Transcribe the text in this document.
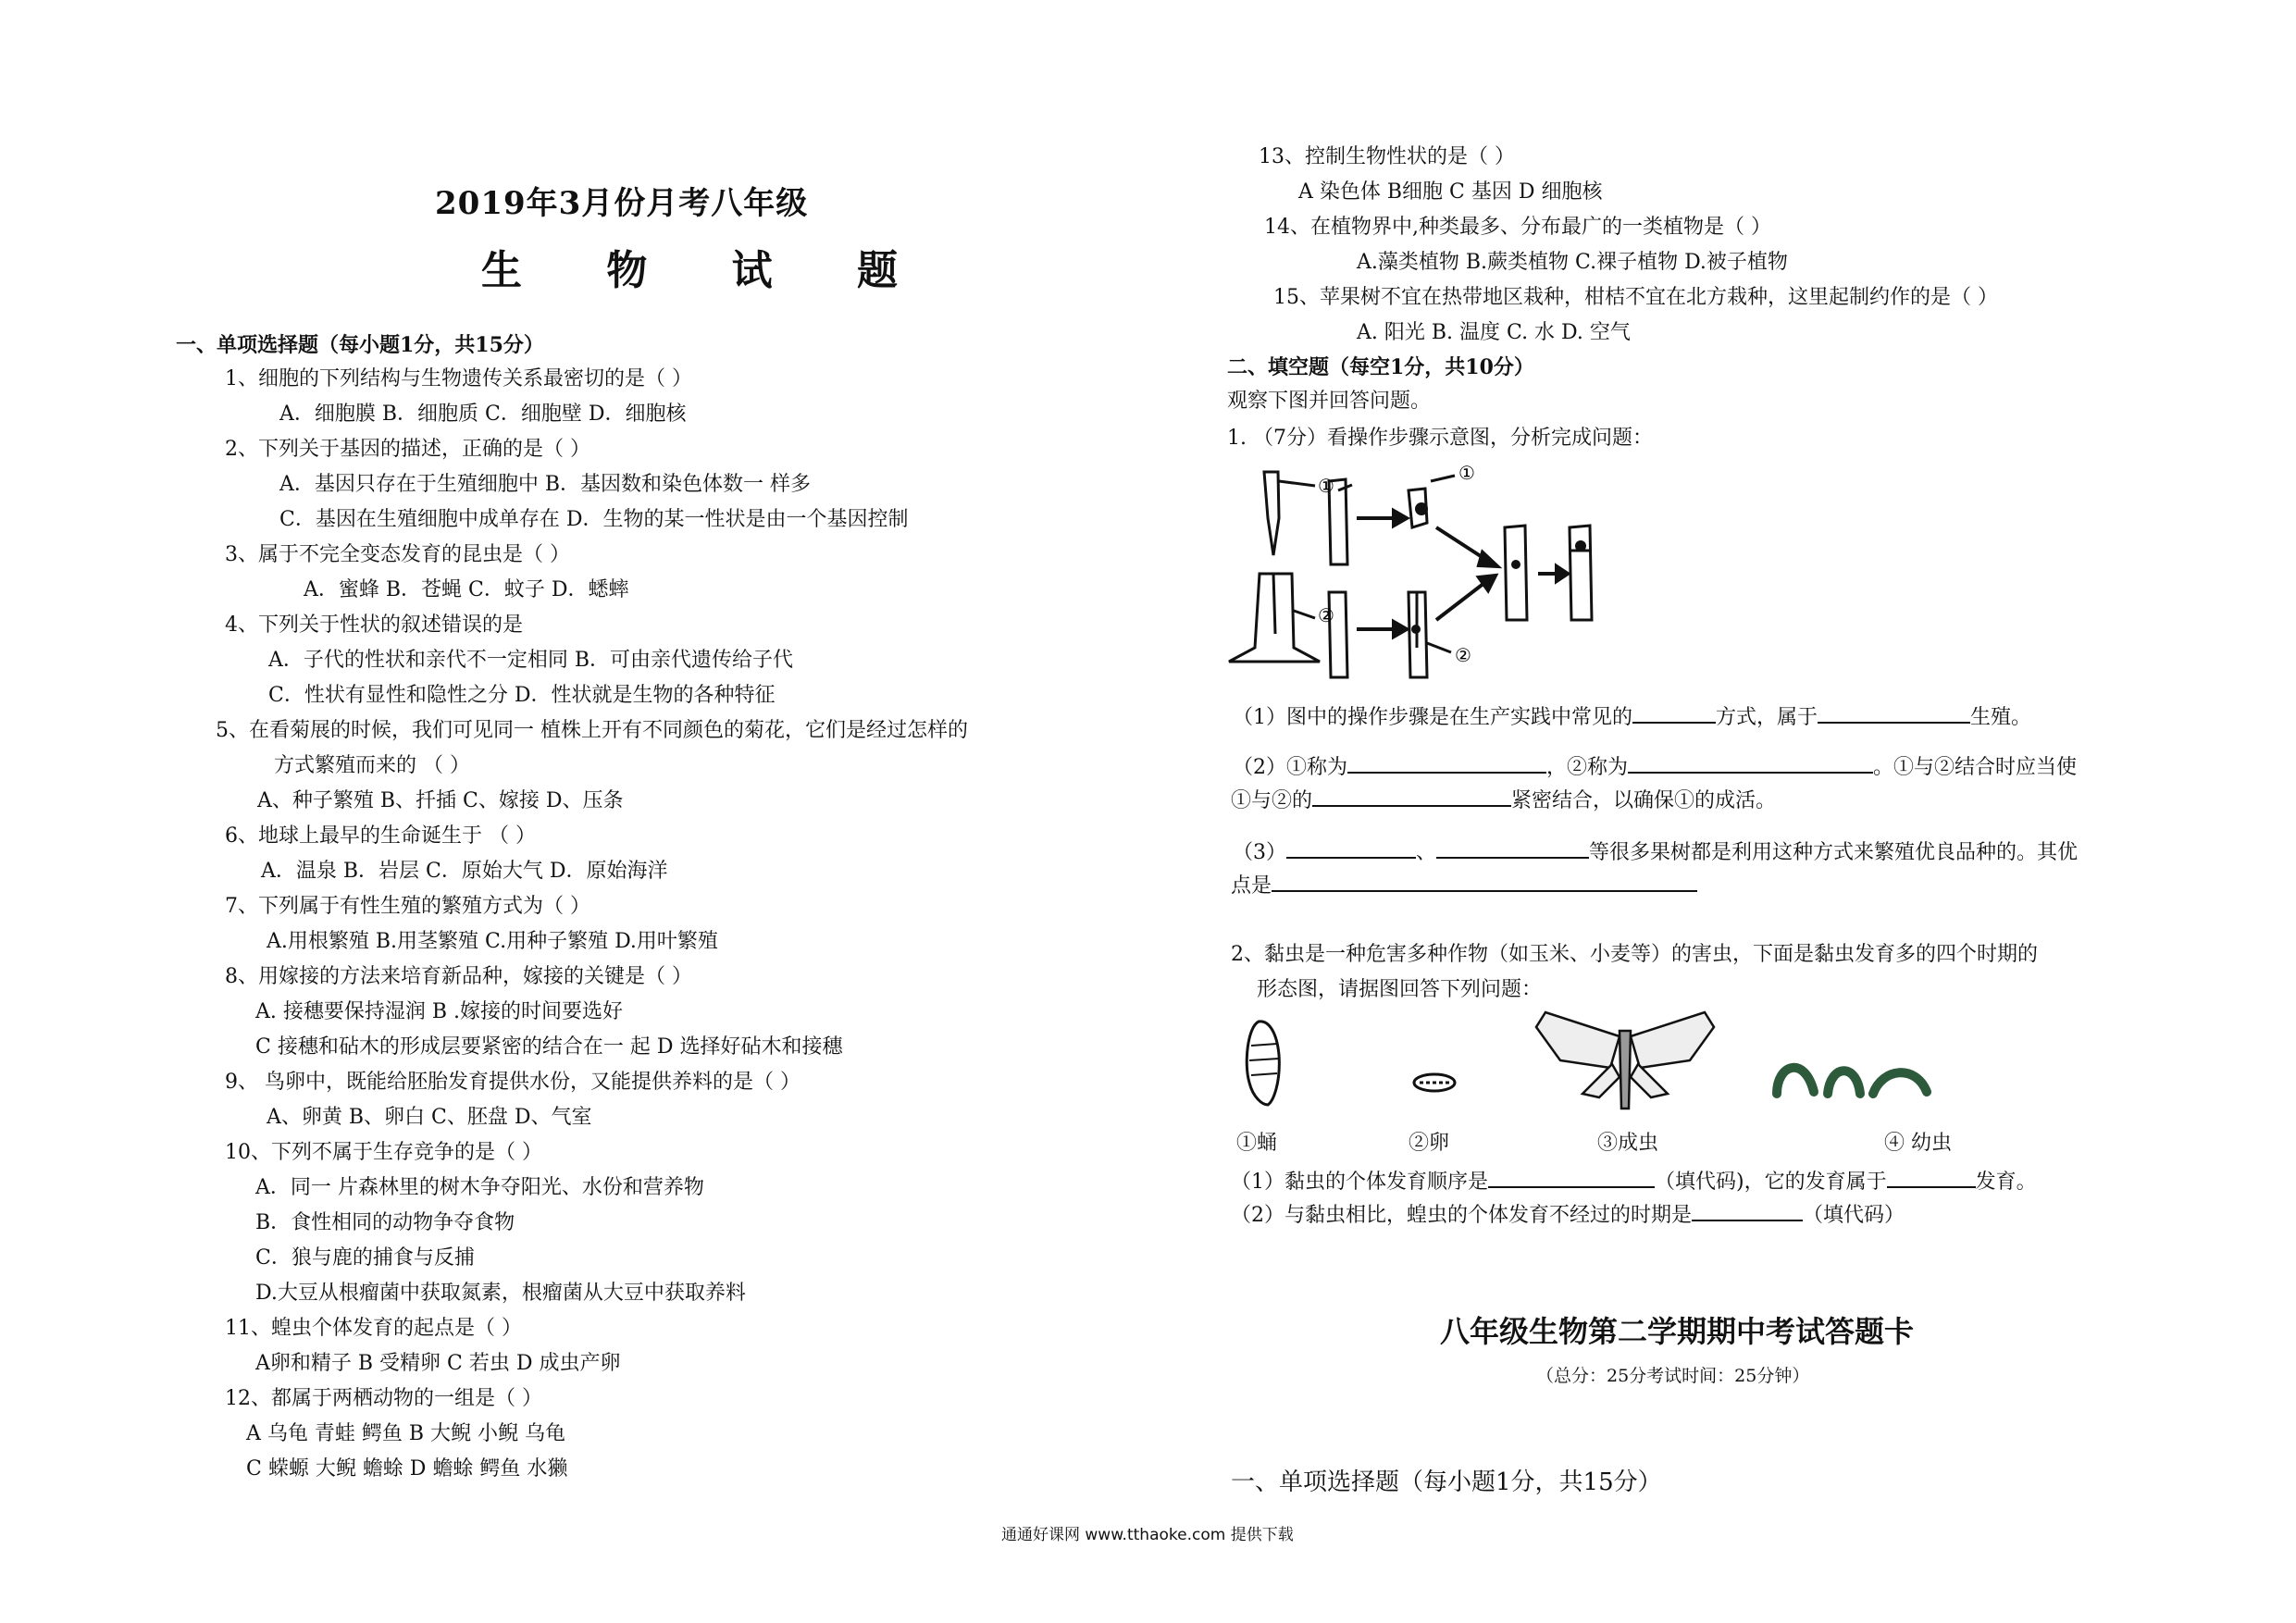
2019年3月份月考八年级
生 物 试 题
一、单项选择题（每小题1分，共15分）
1、细胞的下列结构与生物遗传关系最密切的是（ ）
A．细胞膜 B．细胞质 C．细胞壁 D．细胞核
2、下列关于基因的描述，正确的是（ ）
A．基因只存在于生殖细胞中 B．基因数和染色体数一 样多
C．基因在生殖细胞中成单存在 D．生物的某一性状是由一个基因控制
3、属于不完全变态发育的昆虫是（ ）
A．蜜蜂 B．苍蝇 C．蚊子 D．蟋蟀
4、下列关于性状的叙述错误的是
A．子代的性状和亲代不一定相同 B．可由亲代遗传给子代
C．性状有显性和隐性之分 D．性状就是生物的各种特征
5、在看菊展的时候，我们可见同一 植株上开有不同颜色的菊花，它们是经过怎样的
方式繁殖而来的 （ ）
A、种子繁殖 B、扦插 C、嫁接 D、压条
6、地球上最早的生命诞生于 （ ）
A．温泉 B．岩层 C．原始大气 D．原始海洋
7、下列属于有性生殖的繁殖方式为（ ）
A.用根繁殖 B.用茎繁殖 C.用种子繁殖 D.用叶繁殖
8、用嫁接的方法来培育新品种，嫁接的关键是（ ）
A. 接穗要保持湿润 B .嫁接的时间要选好
C 接穗和砧木的形成层要紧密的结合在一 起 D 选择好砧木和接穗
9、 鸟卵中，既能给胚胎发育提供水份，又能提供养料的是（ ）
A、卵黄 B、卵白 C、胚盘 D、气室
10、下列不属于生存竞争的是（ ）
A．同一 片森林里的树木争夺阳光、水份和营养物
B．食性相同的动物争夺食物
C．狼与鹿的捕食与反捕
D.大豆从根瘤菌中获取氮素，根瘤菌从大豆中获取养料
11、蝗虫个体发育的起点是（ ）
A卵和精子 B 受精卵 C 若虫 D 成虫产卵
12、都属于两栖动物的一组是（ ）
A 乌龟 青蛙 鳄鱼 B 大鲵 小鲵 乌龟
C 蝾螈 大鲵 蟾蜍 D 蟾蜍 鳄鱼 水獭
13、控制生物性状的是（ ）
A 染色体 B细胞 C 基因 D 细胞核
14、在植物界中,种类最多、分布最广的一类植物是（ ）
A.藻类植物 B.蕨类植物 C.裸子植物 D.被子植物
15、苹果树不宜在热带地区栽种，柑桔不宜在北方栽种，这里起制约作的是（ ）
A. 阳光 B. 温度 C. 水 D. 空气
二、填空题（每空1分，共10分）
观察下图并回答问题。
1. （7分）看操作步骤示意图，分析完成问题：
①
②
①
②
（1）图中的操作步骤是在生产实践中常见的	方式，属于	生殖。
（2）①称为	，②称为	。①与②结合时应当使
①与②的	紧密结合，以确保①的成活。
（3）	、	等很多果树都是利用这种方式来繁殖优良品种的。其优
点是
2、黏虫是一种危害多种作物（如玉米、小麦等）的害虫，下面是黏虫发育多的四个时期的
形态图，请据图回答下列问题：
①蛹	②卵	③成虫	④ 幼虫
（1）黏虫的个体发育顺序是	（填代码)，它的发育属于	发育。
（2）与黏虫相比，蝗虫的个体发育不经过的时期是	（填代码）
八年级生物第二学期期中考试答题卡
（总分：25分考试时间：25分钟）
一、单项选择题（每小题1分，共15分）
通通好课网 www.tthaoke.com 提供下载
